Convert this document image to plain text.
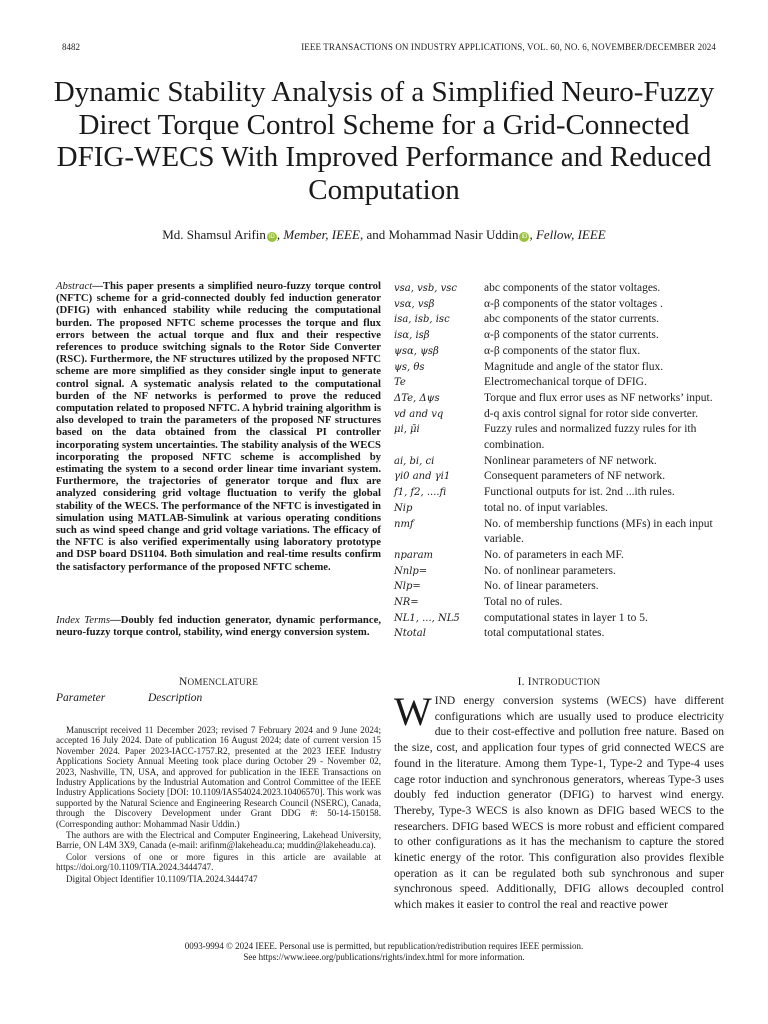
8482	IEEE TRANSACTIONS ON INDUSTRY APPLICATIONS, VOL. 60, NO. 6, NOVEMBER/DECEMBER 2024
Dynamic Stability Analysis of a Simplified Neuro-Fuzzy Direct Torque Control Scheme for a Grid-Connected DFIG-WECS With Improved Performance and Reduced Computation
Md. Shamsul Arifin iD , Member, IEEE, and Mohammad Nasir Uddin iD , Fellow, IEEE
Abstract—This paper presents a simplified neuro-fuzzy torque control (NFTC) scheme for a grid-connected doubly fed induction generator (DFIG) with enhanced stability while reducing the computational burden. The proposed NFTC scheme processes the torque and flux errors between the actual torque and flux and their respective references to produce switching signals to the Rotor Side Converter (RSC). Furthermore, the NF structures utilized by the proposed NFTC scheme are more simplified as they consider single input to generate control signal. A systematic analysis related to the computational burden of the NF networks is performed to prove the reduced computation related to proposed NFTC. A hybrid training algorithm is also developed to train the parameters of the proposed NF structures based on the data obtained from the classical PI controller incorporating system uncertainties. The stability analysis of the WECS incorporating the proposed NFTC scheme is accomplished by estimating the system to a second order linear time invariant system. Furthermore, the trajectories of generator torque and flux are analyzed considering grid voltage fluctuation to verify the global stability of the WECS. The performance of the NFTC is investigated in simulation using MATLAB-Simulink at various operating conditions such as wind speed change and grid voltage variations. The efficacy of the NFTC is also verified experimentally using laboratory prototype and DSP board DS1104. Both simulation and real-time results confirm the satisfactory performance of the proposed NFTC scheme.
Index Terms—Doubly fed induction generator, dynamic performance, neuro-fuzzy torque control, stability, wind energy conversion system.
NOMENCLATURE
Parameter	Description

Manuscript received 11 December 2023; revised 7 February 2024 and 9 June 2024; accepted 16 July 2024. Date of publication 16 August 2024; date of current version 15 November 2024. Paper 2023-IACC-1757.R2, presented at the 2023 IEEE Industry Applications Society Annual Meeting took place during October 29 - November 02, 2023, Nashville, TN, USA, and approved for publication in the IEEE Transactions on Industry Applications by the Industrial Automation and Control Committee of the IEEE Industry Applications Society [DOI: 10.1109/IAS54024.2023.10406570]. This work was supported by the Natural Science and Engineering Research Council (NSERC), Canada, through the Discovery Development under Grant DDG #: 50-14-150158. (Corresponding author: Mohammad Nasir Uddin.)

The authors are with the Electrical and Computer Engineering, Lakehead University, Barrie, ON L4M 3X9, Canada (e-mail: arifinm@lakeheadu.ca; muddin@lakeheadu.ca).

Color versions of one or more figures in this article are available at https://doi.org/10.1109/TIA.2024.3444747.

Digital Object Identifier 10.1109/TIA.2024.3444747

vsa, vsb, vsc	abc components of the stator voltages.
vsα, vsβ	α-β components of the stator voltages .
isa, isb, isc	abc components of the stator currents.
isα, isβ	α-β components of the stator currents.
ψsα, ψsβ	α-β components of the stator flux.
ψs, θs	Magnitude and angle of the stator flux.
Te	Electromechanical torque of DFIG.
ΔTe, Δψs	Torque and flux error uses as NF networks’ input.
vd and vq	d-q axis control signal for rotor side converter.
μi, μ̄i	Fuzzy rules and normalized fuzzy rules for ith combination.
ai, bi, ci	Nonlinear parameters of NF network.
γi0 and γi1	Consequent parameters of NF network.
f1, f2, ....fi	Functional outputs for ist. 2nd ...ith rules.
Nip	total no. of input variables.
nmf	No. of membership functions (MFs) in each input variable.
nparam	No. of parameters in each MF.
Nnlp=	No. of nonlinear parameters.
Nlp=	No. of linear parameters.
NR=	Total no of rules.
NL1, ..., NL5	computational states in layer 1 to 5.
Ntotal	total computational states.
I. INTRODUCTION
WIND energy conversion systems (WECS) have different configurations which are usually used to produce electricity due to their cost-effective and pollution free nature. Based on the size, cost, and application four types of grid connected WECS are found in the literature. Among them Type-1, Type-2 and Type-4 uses cage rotor induction and synchronous generators, whereas Type-3 uses doubly fed induction generator (DFIG) to harvest wind energy. Thereby, Type-3 WECS is also known as DFIG based WECS to the researchers. DFIG based WECS is more robust and efficient compared to other configurations as it has the mechanism to capture the stored kinetic energy of the rotor. This configuration also provides flexible operation as it can be regulated both sub synchronous and super synchronous speed. Additionally, DFIG allows decoupled control which makes it easier to control the real and reactive power
0093-9994 © 2024 IEEE. Personal use is permitted, but republication/redistribution requires IEEE permission.
See https://www.ieee.org/publications/rights/index.html for more information.
